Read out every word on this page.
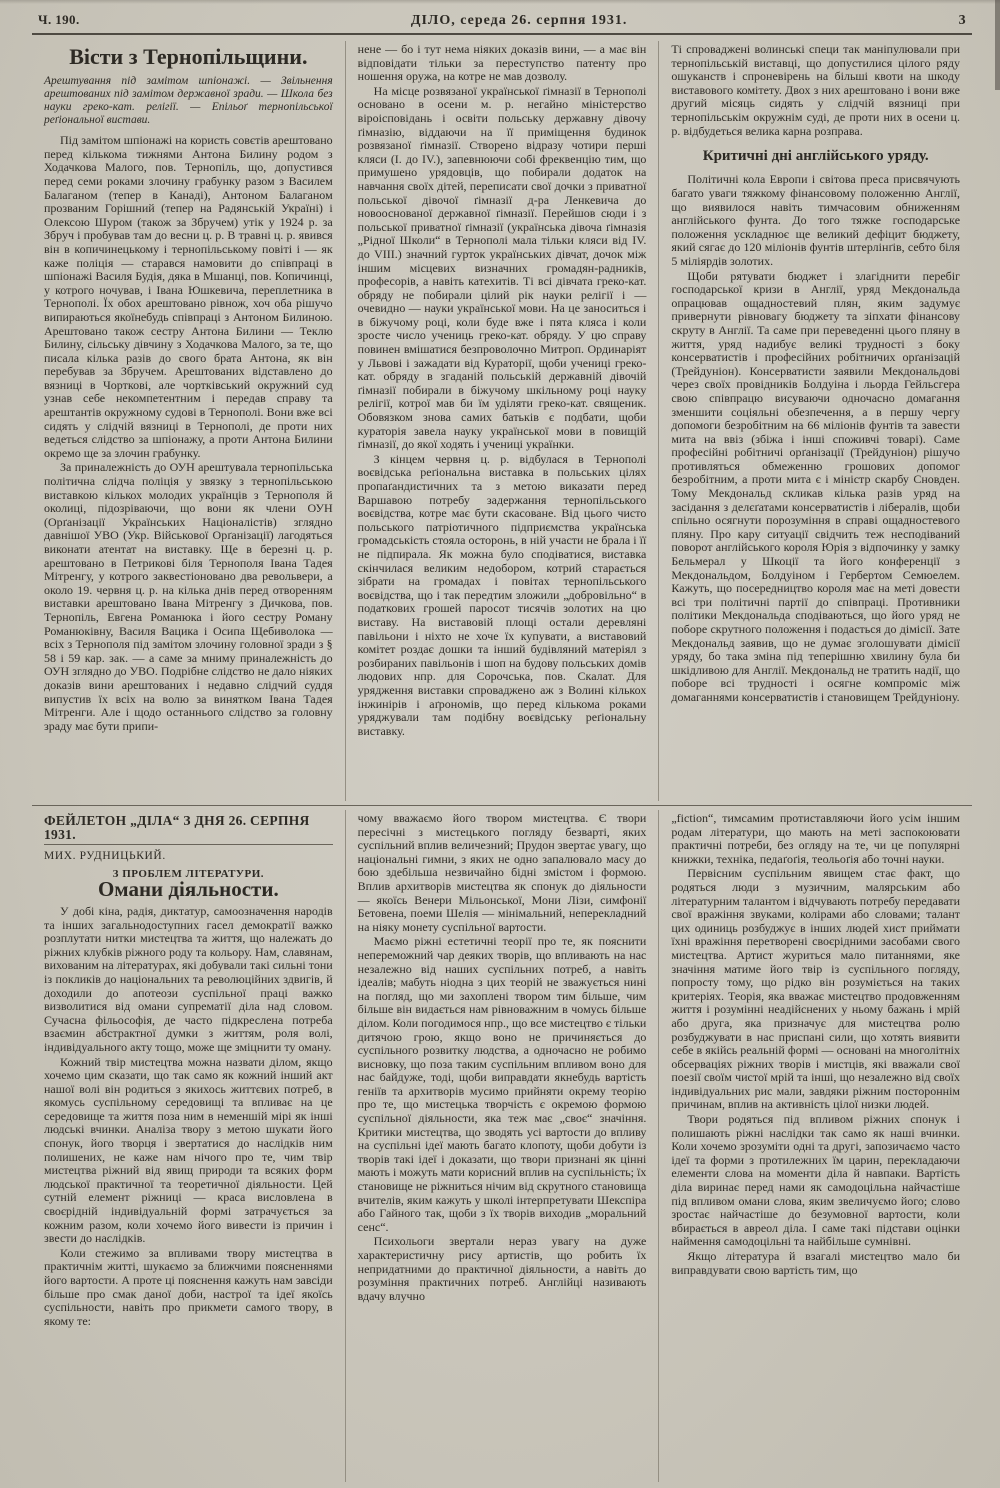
Ч. 190.	ДІЛО, середа 26. серпня 1931.	3
Вісти з Тернопільщини.
Арештування під замітом шпіонажі. — Звільнення арештованих під замітом державної зради. — Школа без науки греко-кат. релігії. — Епільоґ тернопільської реґіональної вистави.

Під замітом шпіонажі на користь совєтів арештовано перед кількома тижнями Антона Билину родом з Ходачкова Малого, пов. Тернопіль, що, допустився перед семи роками злочину грабунку разом з Василем Балаганом (тепер в Канаді), Антоном Балаганом прозваним Горішний (тепер на Радянській Україні) і Олексою Шуром (також за Збручем) утік у 1924 р. за Збруч і пробував там до весни ц. р. В травні ц. р. явився він в копичинецькому і тернопільському повіті і — як каже поліція — старався намовити до співпраці в шпіонажі Василя Будія, дяка в Мшанці, пов. Копичинці, у котрого ночував, і Івана Юшкевича, переплетника в Тернополі. Їх обох арештовано рівнож, хоч оба рішучо випираються якоїнебудь співпраці з Антоном Билиною. Арештовано також сестру Антона Билини — Теклю Билину, сільську дівчину з Ходачкова Малого, за те, що писала кілька разів до свого брата Антона, як він перебував за Збручем. Арештованих відставлено до вязниці в Чорткові, але чортківський окружний суд узнав себе некомпетентним і передав справу та арештантів окружному судові в Тернополі. Вони вже всі сидять у слідчій вязниці в Тернополі, де проти них ведеться слідство за шпіонажу, а проти Антона Билини окремо ще за злочин грабунку.

За приналежність до ОУН арештувала тернопільська політична слідча поліція у звязку з тернопільською виставкою кількох молодих українців з Тернополя й околиці, підозріваючи, що вони як члени ОУН (Орґанізації Українських Націоналістів) зглядно давнішої УВО (Укр. Військової Орґанізації) лагодяться виконати атентат на виставку. Ще в березні ц. р. арештовано в Петрикові біля Тернополя Івана Тадея Мітренгу, у котрого заквестіоновано два револьвери, а около 19. червня ц. р. на кілька днів перед отворенням виставки арештовано Івана Мітренгу з Дичкова, пов. Тернопіль, Евгена Романюка і його сестру Роману Романюківну, Василя Вацика і Осипа Щебиволока — всіх з Тернополя під замітом злочину головної зради з § 58 і 59 кар. зак. — а саме за мниму приналежність до ОУН зглядно до УВО. Подрібне слідство не дало ніяких доказів вини арештованих і недавно слідчий суддя випустив їх всіх на волю за винятком Івана Тадея Мітренги. Але і щодо останнього слідство за головну зраду має бути припи-

нене — бо і тут нема ніяких доказів вини, — а має він відповідати тільки за переступство патенту про ношення оружа, на котре не мав дозволу.

На місце розвязаної української ґімназії в Тернополі основано в осени м. р. негайно міністерство віроісповідань і освіти польську державну дівочу ґімназію, віддаючи на її приміщення будинок розвязаної ґімназії. Створено відразу чотири перші кляси (І. до IV.), запевнюючи собі фреквенцію тим, що примушено урядовців, що побирали додаток на навчання своїх дітей, переписати свої дочки з приватної польської дівочої ґімназії д-ра Ленкевича до новооснованої державної ґімназії. Перейшов сюди і з польської приватної ґімназії (українська дівоча ґімназія „Рідної Школи“ в Тернополі мала тільки кляси від IV. до VIII.) значний гурток українських дівчат, дочок між іншим місцевих визначних громадян-радників, професорів, а навіть катехитів. Ті всі дівчата греко-кат. обряду не побирали цілий рік науки релігії і — очевидно — науки української мови. На це заноситься і в біжучому році, коли буде вже і пята кляса і коли зросте число учениць греко-кат. обряду. У цю справу повинен вмішатися безпроволочно Митроп. Ординаріят у Львові і зажадати від Кураторії, щоби учениці греко-кат. обряду в згаданій польській державній дівочій ґімназії побирали в біжучому шкільному році науку релігії, котрої мав би їм уділяти греко-кат. священик. Обовязком знова самих батьків є подбати, щоби кураторія завела науку української мови в повищій ґімназії, до якої ходять і учениці українки.

З кінцем червня ц. р. відбулася в Тернополі воєвідська реґіональна виставка в польських цілях пропаґандистичних та з метою виказати перед Варшавою потребу задержання тернопільського воєвідства, котре має бути скасоване. Від цього чисто польського патріотичного підприємства українська громадськість стояла осторонь, в ній участи не брала і її не підпирала. Як можна було сподіватися, виставка скінчилася великим недобором, котрий старається зібрати на громадах і повітах тернопільського воєвідства, що і так передтим зложили „добровільно“ в податкових грошей паросот тисячів золотих на цю виставу. На виставовій площі остали деревляні павільони і ніхто не хоче їх купувати, а виставовий комітет роздає дошки та інший будівляний матеріял з розбираних павільонів і шоп на будову польських домів людових нпр. для Сорочська, пов. Скалат. Для урядження виставки спроваджено аж з Волині кількох інжинірів і аґрономів, що перед кількома роками уряджували там подібну воєвідську реґіональну виставку.

Ті спроваджені волинські специ так маніпулювали при тернопільській виставці, що допустилися цілого ряду ошуканств і спроневірень на більші квоти на шкоду виставового комітету. Двох з них арештовано і вони вже другий місяць сидять у слідчій вязниці при тернопільськім окружнім суді, де проти них в осени ц. р. відбудеться велика карна розправа.

Критичні дні англійського уряду.

Політичні кола Европи і світова преса присвячують багато уваги тяжкому фінансовому положенню Англії, що виявилося навіть тимчасовим обниженням англійського фунта. До того тяжке господарське положення ускладнює ще великий дефіцит бюджету, який сягає до 120 міліонів фунтів штерлінґів, себто біля 5 міліярдів золотих.

Щоби рятувати бюджет і злагіднити перебіг господарської кризи в Англії, уряд Мекдональда опрацював ощадностевий плян, яким задумує привернути рівновагу бюджету та зіпхати фінансову скруту в Англії. Та саме при переведенні цього пляну в життя, уряд надибує великі трудності з боку консерватистів і професійних робітничих орґанізацій (Трейдуніон). Консерватисти заявили Мекдональдові через своїх провідників Болдуіна і льорда Гейльсгера свою співпрацю висуваючи одночасно домагання зменшити соціяльні обезпечення, а в першу чергу допомоги безробітним на 66 міліонів фунтів та завести мита на ввіз (збіжа і інші споживчі товарі). Саме професійні робітничі орґанізації (Трейдуніон) рішучо противляться обмеженню грошових допомог безробітним, а проти мита є і міністр скарбу Сновден. Тому Мекдональд скликав кілька разів уряд на засідання з делєґатами консерватистів і лібералів, щоби спільно осягнути порозуміння в справі ощадностевого пляну. Про кару ситуації свідчить теж несподіваний поворот англійського короля Юрія з відпочинку у замку Бельмерал у Шкоції та його конференції з Мекдональдом, Болдуіном і Гербертом Семюелем. Кажуть, що посередництво короля має на меті довести всі три політичні партії до співпраці. Противники політики Мекдональда сподіваються, що його уряд не поборе скрутного положення і подасться до дімісії. Зате Мекдональд заявив, що не думає зголошувати дімісії уряду, бо така зміна під теперішню хвилину була би шкідливою для Англії. Мекдональд не тратить надії, що поборе всі трудності і осягне компроміс між домаганнями консерватистів і становищем Трейдуніону.

ФЕЙЛЕТОН „ДІЛА“ З ДНЯ 26. СЕРПНЯ 1931.
МИХ. РУДНИЦЬКИЙ.
З ПРОБЛЕМ ЛІТЕРАТУРИ.
Омани діяльности.

У добі кіна, радія, диктатур, самоозначення народів та інших загальнодоступних гасел демократії важко розплутати нитки мистецтва та життя, що належать до ріжних клубків ріжного роду та кольору. Нам, славянам, вихованим на літературах, які добували такі сильні тони із покликів до національних та революційних здвигів, й доходили до апотеози суспільної праці важко визволитися від омани супрематії діла над словом. Сучасна фільософія, де часто підкреслена потреба взаємин абстрактної думки з життям, роля волі, індивідуального акту тощо, може ще зміцнити ту оману.

Кожний твір мистецтва можна назвати ділом, якщо хочемо цим сказати, що так само як кожний інший акт нашої волі він родиться з якихось життєвих потреб, в якомусь суспільному середовищі та впливає на це середовище та життя поза ним в неменшій мірі як інші людські вчинки. Аналіза твору з метою шукати його спонук, його творця і звертатися до наслідків ним полишених, не каже нам нічого про те, чим твір мистецтва ріжний від явищ природи та всяких форм людської практичної та теоретичної діяльности. Цей сутній елемент ріжниці — краса висловлена в своєрідній індивідуальній формі затрачується за кожним разом, коли хочемо його вивести із причин і звести до наслідків.

Коли стежимо за впливами твору мистецтва в практичнім житті, шукаємо за ближчими поясненнями його вартости. А проте ці пояснення кажуть нам завсіди більше про смак даної доби, настрої та ідеї якоїсь суспільности, навіть про прикмети самого твору, в якому те:

чому вважаємо його твором мистецтва. Є твори пересічні з мистецького погляду безварті, яких суспільний вплив величезний; Прудон звертає увагу, що національні гимни, з яких не одно запалювало масу до бою здебільша незвичайно бідні змістом і формою. Вплив архитворів мистецтва як спонук до діяльности — якоїсь Венери Мільонської, Мони Лізи, симфонії Бетовена, поеми Шелія — мінімальний, неперекладний на ніяку монету суспільної вартости.

Маємо ріжні естетичні теорії про те, як пояснити непереможний чар деяких творів, що впливають на нас незалежно від наших суспільних потреб, а навіть ідеалів; мабуть ніодна з цих теорій не зважується нині на погляд, що ми захоплені твором тим більше, чим більше він видається нам рівноважним в чомусь більше ділом. Коли погодимося нпр., що все мистецтво є тільки дитячою грою, якщо воно не причиняється до суспільного розвитку людства, а одночасно не робимо висновку, що поза таким суспільним впливом воно для нас байдуже, тоді, щоби виправдати якнебудь вартість геніїв та архитворів мусимо прийняти окрему теорію про те, що мистецька творчість є окремою формою суспільної діяльности, яка теж має „своє“ значіння. Критики мистецтва, що зводять усі вартости до впливу на суспільні ідеї мають багато клопоту, щоби добути із творів такі ідеї і доказати, що твори признані як цінні мають і можуть мати корисний вплив на суспільність; їх становище не ріжниться нічим від скрутного становища вчителів, яким кажуть у школі інтерпретувати Шекспіра або Гайного так, щоби з їх творів виходив „моральний сенс“.

Психольоги звертали нераз увагу на дуже характеристичну рису артистів, що робить їх непридатними до практичної діяльности, а навіть до розуміння практичних потреб. Англійці називають вдачу влучно

„fiction“, тимсамим протиставляючи його усім іншим родам літератури, що мають на меті заспокоювати практичні потреби, без огляду на те, чи це популярні книжки, техніка, педаґоґія, теольоґія або точні науки.

Первісним суспільним явищем стає факт, що родяться люди з музичним, малярським або літературним талантом і відчувають потребу передавати свої вражіння звуками, колірами або словами; талант цих одиниць розбуджує в інших людей хист приймати їхні вражіння перетворені своєрідними засобами свого мистецтва. Артист журиться мало питаннями, яке значіння матиме його твір із суспільного погляду, попросту тому, що рідко він розуміється на таких критеріях. Теорія, яка вважає мистецтво продовженням життя і розумінні неадійснених у ньому бажань і мрій або друга, яка призначує для мистецтва ролю розбуджувати в нас приспані сили, що хотять виявити себе в якійсь реальній формі — основані на многолітніх обсерваціях ріжних творів і мистців, які вважали свої поезії своїм чистої мрій та інші, що незалежно від своїх індивідуальних рис мали, завдяки ріжним постороннім причинам, вплив на активність цілої низки людей.

Твори родяться під впливом ріжних спонук і полишають ріжні наслідки так само як наші вчинки. Коли хочемо зрозуміти одні та другі, запозичаємо часто ідеї та форми з протилежних їм царин, перекладаючи елементи слова на моменти діла й навпаки. Вартість діла виринає перед нами як самодоцільна найчастіше під впливом омани слова, яким звеличуємо його; слово зростає найчастіше до безумовної вартости, коли вбирається в авреол діла. І саме такі підстави оцінки наймення самодоцільні та найбільше сумнівні.

Якщо література й взагалі мистецтво мало би виправдувати свою вартість тим, що
